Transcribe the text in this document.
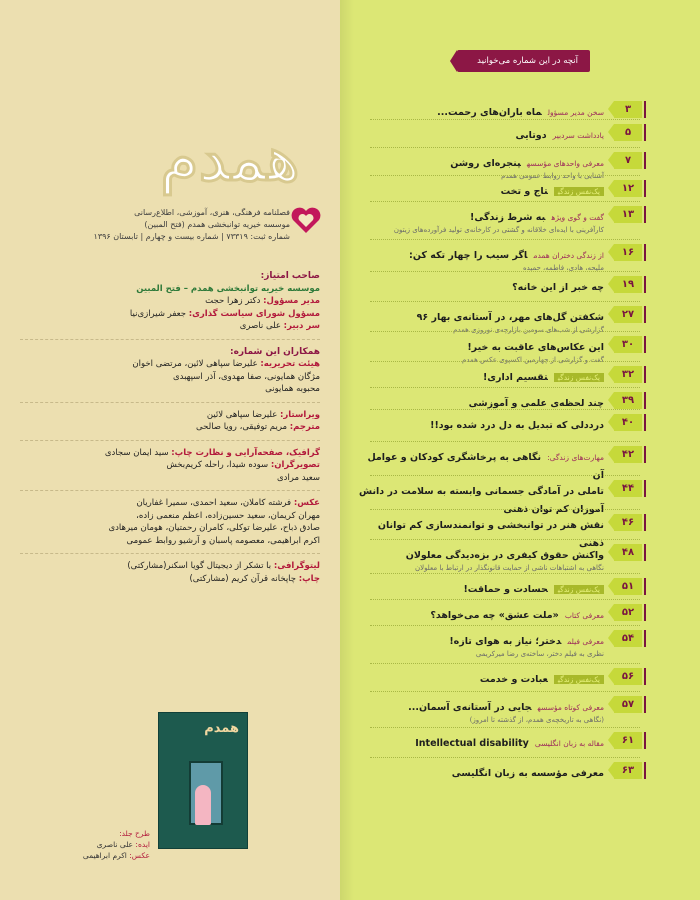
همدم
فصلنامه فرهنگی، هنری، آموزشی، اطلاع‌رسانی
موسسه خیریه توانبخشی همدم (فتح المبین)
شماره ثبت: ۷۳۳۱۹ | شماره بیست و چهارم | تابستان ۱۳۹۶

صاحب امتیاز:

موسسه خیریه توانبخشی همدم – فتح المبین

مدیر مسؤول: دکتر زهرا حجت

مسؤول شورای سیاست گذاری: جعفر شیرازی‌نیا

سر دبیر: علی ناصری

همکاران این شماره:

هیئت تحریریه: علیرضا سپاهی لائین، مرتضی اخوان

مژگان همایونی، صفا مهدوی، آذر اسپهبدی

محبوبه همایونی

ویراستار: علیرضا سپاهی لائین

مترجم: مریم توفیقی، رویا صالحی

گرافیک، صفحه‌آرایی و نظارت چاپ: سید ایمان سجادی

تصویرگران: سوده شیدا، راحله کریم‌بخش

سعید مرادی

عکس: فرشته کاملان، سعید احمدی، سمیرا غفاریان

مهران کریمان، سعید حسین‌زاده، اعظم منعمی زاده،

صادق ذباح، علیرضا توکلی، کامران رحمتیان، هومان میرهادی

اکرم ابراهیمی، معصومه پاسبان و آرشیو روابط عمومی

لیتوگرافی: با تشکر از دیجیتال گویا اسکنر(مشارکتی)

چاپ: چاپخانه قرآن کریم (مشارکتی)

همدم
طرح جلد:
ایده: علی ناصری
عکس: اکرم ابراهیمی
آنچه در این شماره می‌خوانید
۳
سخن مدیر مسؤولماه باران‌های رحمت...
۵
یادداشت سردبیردوتایی
۷
معرفی واحدهای مؤسسهپنجره‌ای روشن
آشنایی با واحد روابط عمومی همدم
۱۲
یک‌نفس زندگیتاج و تخت
۱۳
گفت و گوی ویژهبه شرط زندگی!
کارآفرینی با ایده‌ای خلاقانه و گشتی در کارخانه‌ی تولید فرآورده‌های زیتون
۱۶
از زندگی دختران همدماگر سیب را چهار تکه کن:
ملیحه، هادی، فاطمه، حمیده
۱۹
چه خبر از این خانه؟
۲۷
شکفتن گل‌های مهر، در آستانه‌ی بهار ۹۶
گزارشی از شب‌های سومین بازارچه‌ی نوروزی همدم
۳۰
این عکاس‌های عاقبت به خیر!
گفت و گزارشی از چهارمین اکسپوی عکس همدم
۳۲
یک‌نفس زندگیتقسیم اداری!
۳۹
چند لحظه‌ی علمی و آموزشی
۴۰
درددلی که تبدیل به دل درد شده بود!!
۴۲
مهارت‌های زندگی:نگاهی به پرخاشگری کودکان و عوامل آن
۴۴
تاملی در آمادگی جسمانی وابسته به سلامت در دانش آموزان کم توان ذهنی
۴۶
نقش هنر در توانبخشی و توانمندسازی کم توانان ذهنی
۴۸
واکنش حقوق کیفری در بزه‌دیدگی معلولان
نگاهی به اشتباهات ناشی از حمایت قانونگذار در ارتباط با معلولان
۵۱
یک‌نفس زندگیحسادت و حماقت!
۵۲
معرفی کتاب«ملت عشق» چه می‌خواهد؟
۵۴
معرفی فیلمدختر؛ نیاز به هوای تازه!
نظری به فیلم دختر، ساخته‌ی رضا میرکریمی
۵۶
یک‌نفس زندگیعبادت و خدمت
۵۷
معرفی کوتاه مؤسسهجایی در آستانه‌ی آسمان...
(نگاهی به تاریخچه‌ی همدم، از گذشته تا امروز)
۶۱
مقاله به زبان انگلیسیIntellectual disability
۶۳
معرفی مؤسسه به زبان انگلیسی
